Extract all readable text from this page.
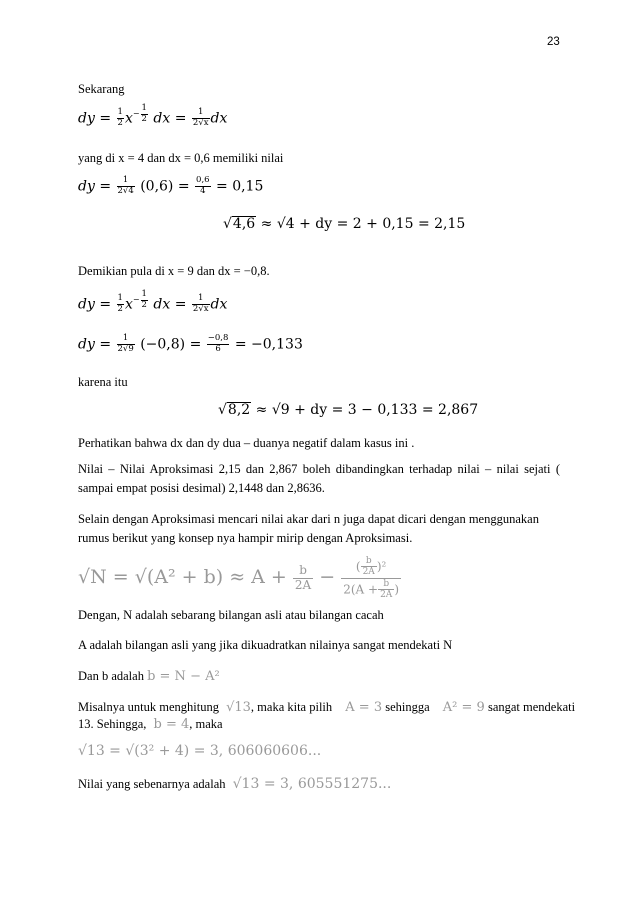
23
Sekarang
dy = $\frac{1}{2} x^{- \frac{1}{2}}$ dx = $\frac{1}{2√x}$ dx
yang di x = 4 dan dx = 0,6 memiliki nilai
dy = $\frac{1}{2√4} (0,6) = \frac{0,6}{4} = 0,15$
√4,6 ≈ √4 + dy = 2 + 0,15 = 2,15
Demikian pula di x = 9 dan dx = −0,8.
dy = $\frac{1}{2} x^{- \frac{1}{2}}$ dx = $\frac{1}{2√x}$ dx
dy = $\frac{1}{2√9} (-0,8) = \frac{-0,8}{6} = -0,133$
karena itu
√8,2 ≈ √9 + dy = 3 − 0,133 = 2,867
Perhatikan bahwa dx dan dy dua – duanya negatif dalam kasus ini .
Nilai – Nilai Aproksimasi 2,15 dan 2,867 boleh dibandingkan terhadap nilai – nilai sejati ( sampai empat posisi desimal) 2,1448 dan 2,8636.
Selain dengan Aproksimasi mencari nilai akar dari n juga dapat dicari dengan menggunakan rumus berikut yang konsep nya hampir mirip dengan Aproksimasi.
$√N = √(A^2 + b) \approx A + \frac{b}{2A} - \frac{( \frac{b}{2A} )^2}{2(A + \frac{b}{2A} )}$
Dengan, N adalah sebarang bilangan asli atau bilangan cacah
A adalah bilangan asli yang jika dikuadratkan nilainya sangat mendekati N
Dan b adalah b = N − A²
Misalnya untuk menghitung √13, maka kita pilih A = 3 sehingga A² = 9 sangat mendekati
13. Sehingga, b = 4, maka
√13 = √(3² + 4) = 3, 606060606...
Nilai yang sebenarnya adalah √13 = 3, 605551275...
